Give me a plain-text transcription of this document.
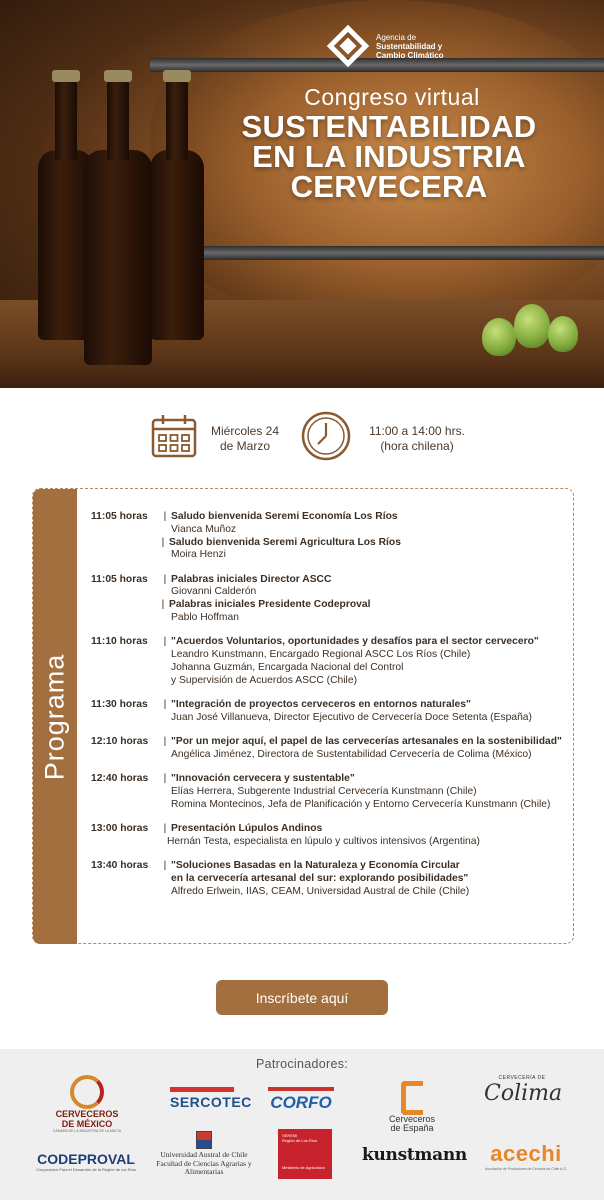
Agencia de
Sustentabilidad y
Cambio Climático
Congreso virtual
SUSTENTABILIDAD
EN LA INDUSTRIA
CERVECERA
Miércoles 24
de Marzo
11:00 a 14:00 hrs.
(hora chilena)
Programa
11:05 horas	| Saludo bienvenida Seremi Economía Los Ríos
Vianca Muñoz
| Saludo bienvenida Seremi Agricultura Los Ríos
Moira Henzi
11:05 horas	| Palabras iniciales Director ASCC
Giovanni Calderón
| Palabras iniciales Presidente Codeproval
Pablo Hoffman
11:10 horas	| "Acuerdos Voluntarios, oportunidades y desafíos para el sector cervecero"
Leandro Kunstmann, Encargado Regional ASCC Los Ríos (Chile)
Johanna Guzmán, Encargada Nacional del Control
y Supervisión de Acuerdos ASCC (Chile)
11:30 horas	| "Integración de proyectos cerveceros en entornos naturales"
Juan José Villanueva, Director Ejecutivo de Cervecería Doce Setenta (España)
12:10 horas	| "Por un mejor aquí, el papel de las cervecerías artesanales en la sostenibilidad"
Angélica Jiménez, Directora de Sustentabilidad Cervecería de Colima (México)
12:40 horas	| "Innovación cervecera y sustentable"
Elías Herrera, Subgerente Industrial Cervecería Kunstmann (Chile)
Romina Montecinos, Jefa de Planificación y Entorno Cervecería Kunstmann (Chile)
13:00 horas	| Presentación Lúpulos Andinos
Hernán Testa, especialista en lúpulo y cultivos intensivos (Argentina)
13:40 horas	| "Soluciones Basadas en la Naturaleza y Economía Circular
en la cervecería artesanal del sur: explorando posibilidades"
Alfredo Erlwein, IIAS, CEAM, Universidad Austral de Chile (Chile)
Inscríbete aquí
Patrocinadores:
CERVECEROS DE MÉXICO
CÁMARA DE LA INDUSTRIA DE LA MALTA
SERCOTEC CORFO
Cerveceros
de España
CERVECERÍA DE
Colima
CODEPROVAL
Corporación Para el Desarrollo de la Región de los Ríos
Universidad Austral de Chile
Facultad de Ciencias Agrarias y Alimentarias
SEREMI
Región de Los Ríos
Ministerio de Agricultura
kunstmann	acechi
Asociación de Productores de Cerveza de Chile A.G.
